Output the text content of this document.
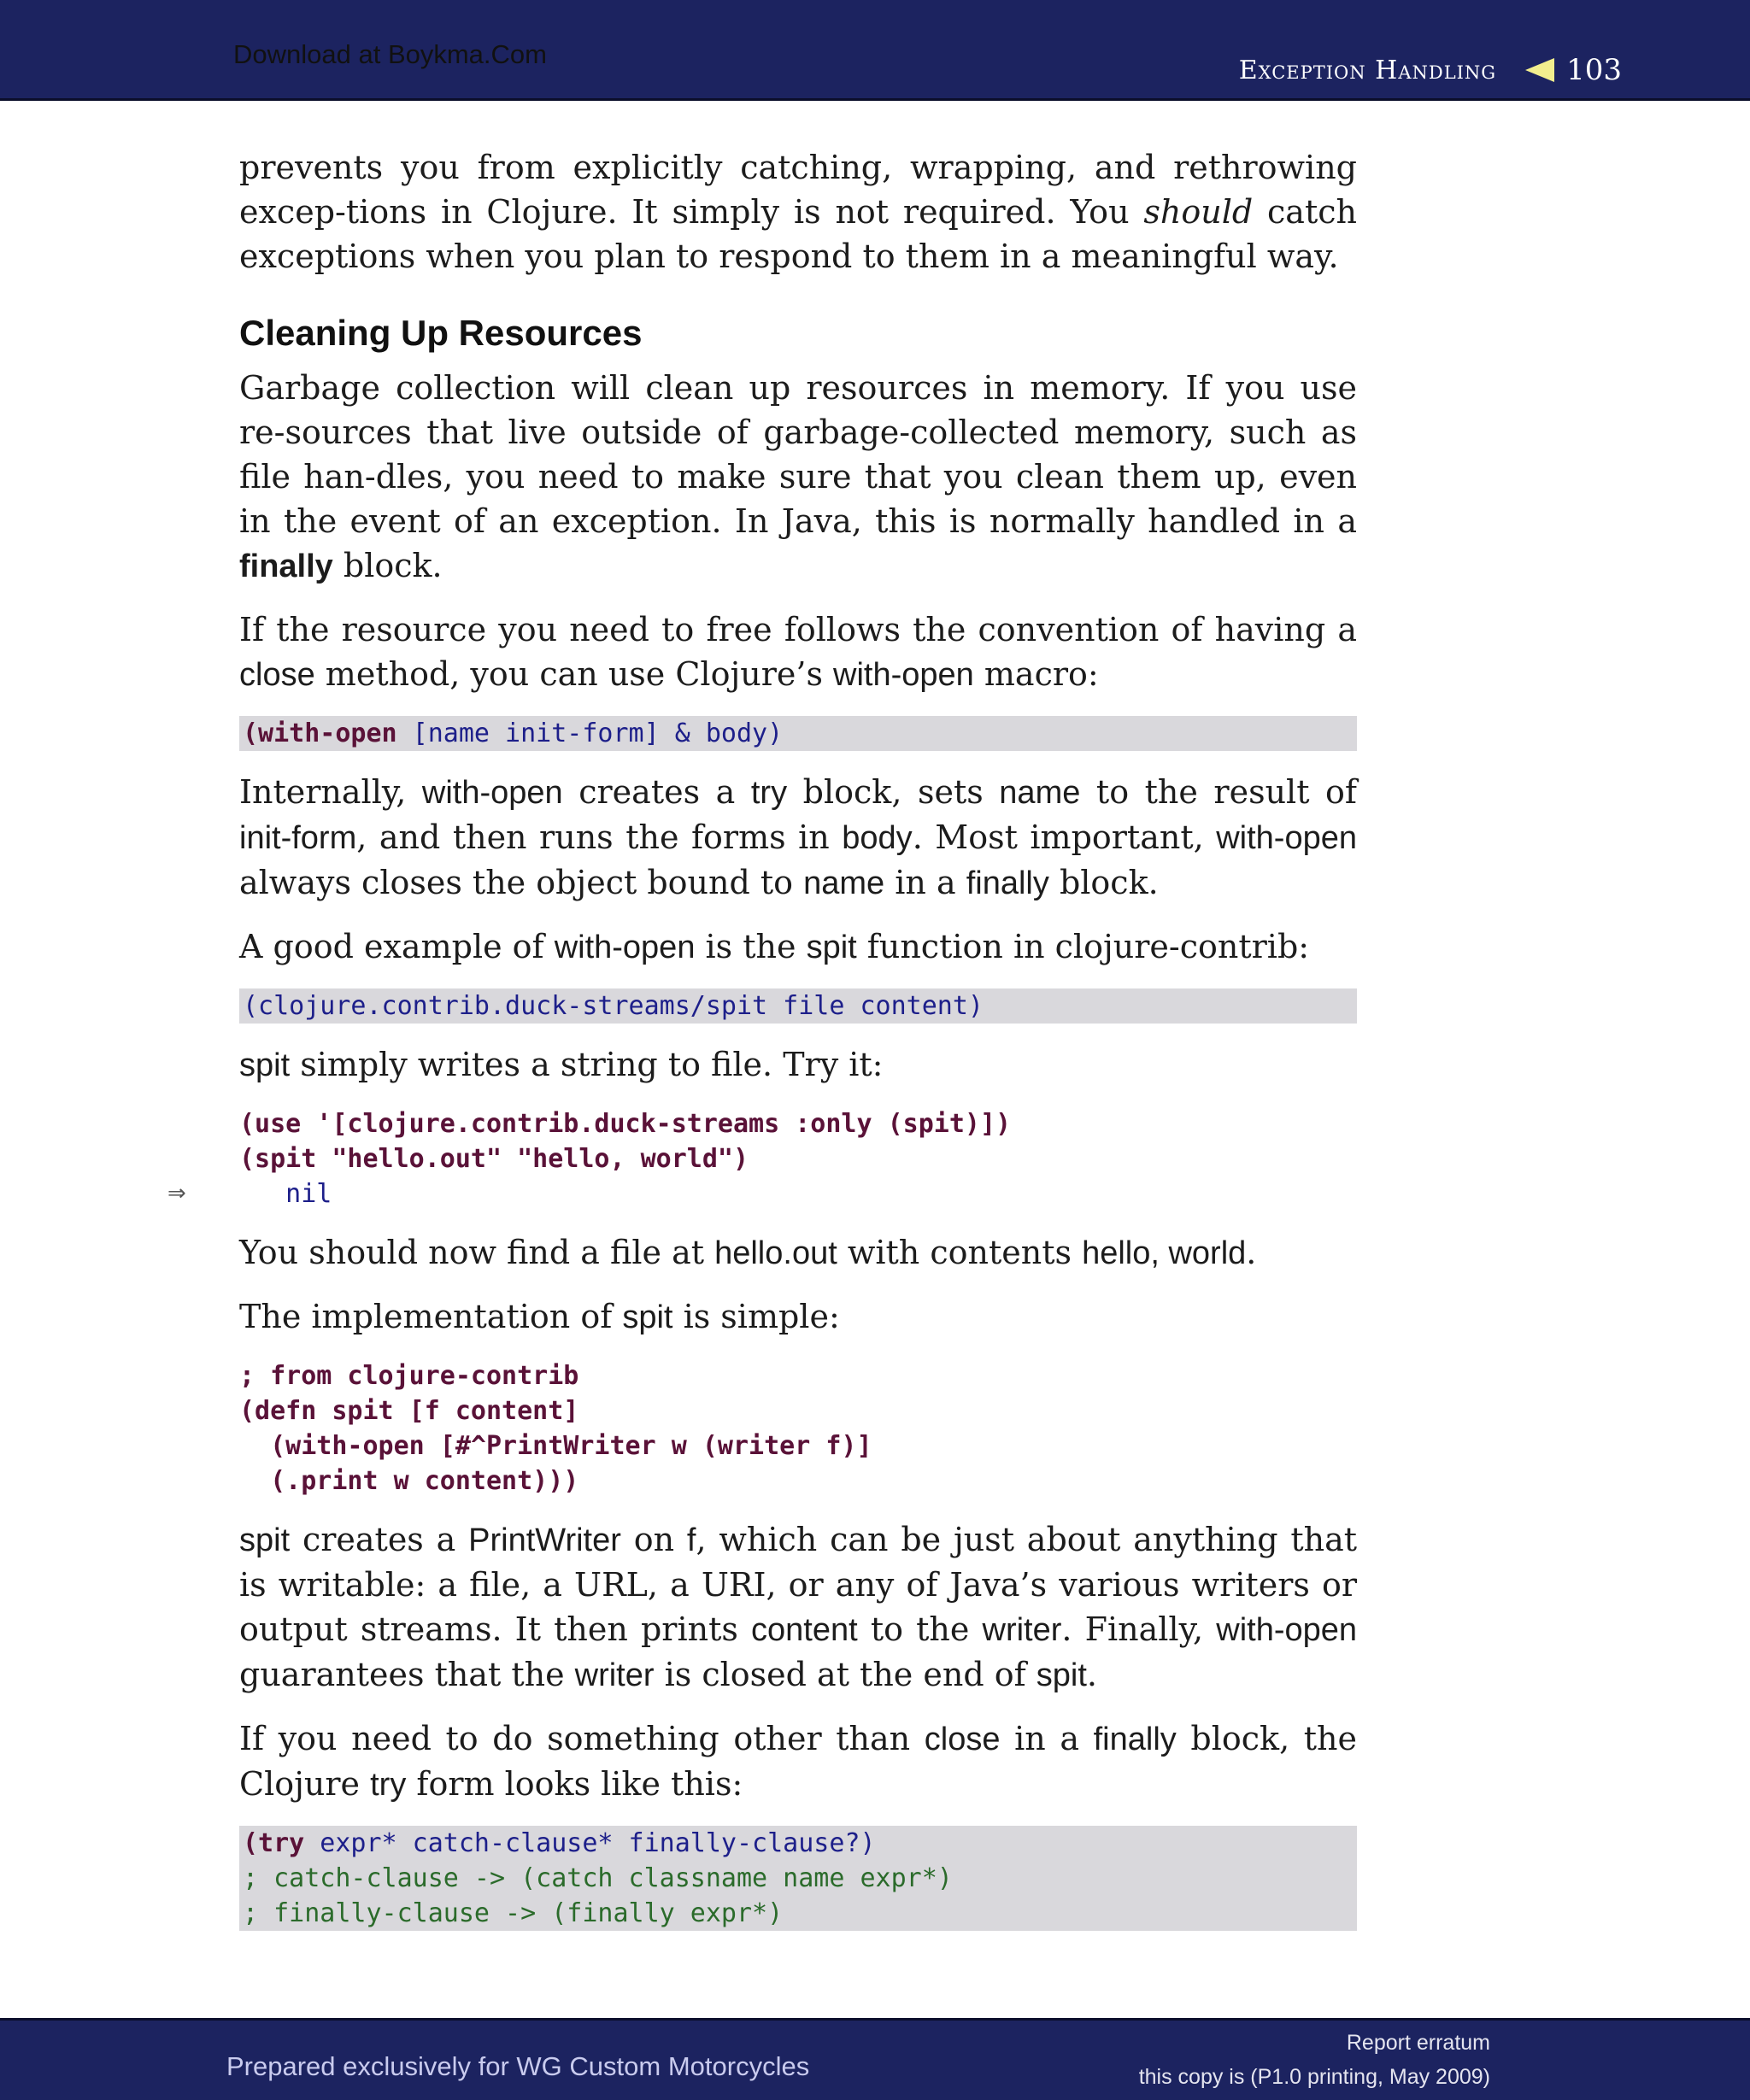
Download at Boykma.Com
Exception Handling 103

prevents you from explicitly catching, wrapping, and rethrowing excep-tions in Clojure. It simply is not required. You should catch exceptions when you plan to respond to them in a meaningful way.

Cleaning Up Resources

Garbage collection will clean up resources in memory. If you use re-sources that live outside of garbage-collected memory, such as file han-dles, you need to make sure that you clean them up, even in the event of an exception. In Java, this is normally handled in a finally block.

If the resource you need to free follows the convention of having a close method, you can use Clojure’s with-open macro:

(with-open [name init-form] & body)

Internally, with-open creates a try block, sets name to the result of init-form, and then runs the forms in body. Most important, with-open always closes the object bound to name in a finally block.

A good example of with-open is the spit function in clojure-contrib:

(clojure.contrib.duck-streams/spit file content)

spit simply writes a string to file. Try it:

(use '[clojure.contrib.duck-streams :only (spit)])
(spit "hello.out" "hello, world")
⇒ nil

You should now find a file at hello.out with contents hello, world.

The implementation of spit is simple:

; from clojure-contrib
(defn spit [f content]
(with-open [#^PrintWriter w (writer f)]
(.print w content)))

spit creates a PrintWriter on f, which can be just about anything that is writable: a file, a URL, a URI, or any of Java’s various writers or output streams. It then prints content to the writer. Finally, with-open guarantees that the writer is closed at the end of spit.

If you need to do something other than close in a finally block, the Clojure try form looks like this:

(try expr* catch-clause* finally-clause?)
; catch-clause -> (catch classname name expr*)
; finally-clause -> (finally expr*)
Prepared exclusively for WG Custom Motorcycles
Report erratum
this copy is (P1.0 printing, May 2009)
